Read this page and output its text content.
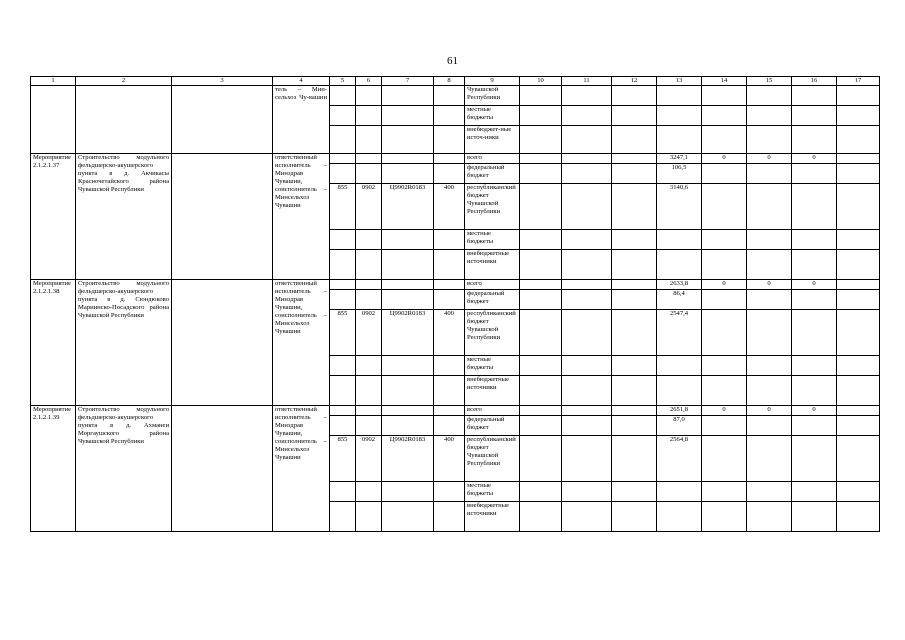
61
1	2	3	4	5	6	7	8	9	10	11	12	13	14	15	16	17
			тель – Мин-сельхоз Чу-вашии					Чувашской Республики								
								местные бюджеты								
								внебюджет-ные источ-ники								
Мероприятие 2.1.2.1.37	Строительство модульного фельдшерско-акушерского пункта в д. Акчикасы Красночетайского района Чувашской Республики		ответственный исполнитель – Минздрав Чувашии, соисполнитель – Минсельхоз Чувашии					всего				3247,1	0	0	0	
								федеральный бюджет				106,5				
				855	0902	Ц9902R0183	400	республиканский бюджет Чувашской Республики				3140,6				
								местные бюджеты								
								внебюджетные источники								
Мероприятие 2.1.2.1.38	Строительство модульного фельдшерско-акушерского пункта в д. Сюндюково Мариинско-Посадского района Чувашской Республики		ответственный исполнитель – Минздрав Чувашии, соисполнитель – Минсельхоз Чувашии					всего				2633,8	0	0	0	
								федеральный бюджет				86,4				
				855	0902	Ц9902R0183	400	республиканский бюджет Чувашской Республики				2547,4				
								местные бюджеты								
								внебюджетные источники								
Мероприятие 2.1.2.1.39	Строительство модульного фельдшерско-акушерского пункта в д. Ахманеи Моргаушского района Чувашской Республики		ответственный исполнитель – Минздрав Чувашии, соисполнитель – Минсельхоз Чувашии					всего				2651,8	0	0	0	
								федеральный бюджет				87,0				
				855	0902	Ц9902R0183	400	республиканский бюджет Чувашской Республики				2564,8				
								местные бюджеты								
								внебюджетные источники								
